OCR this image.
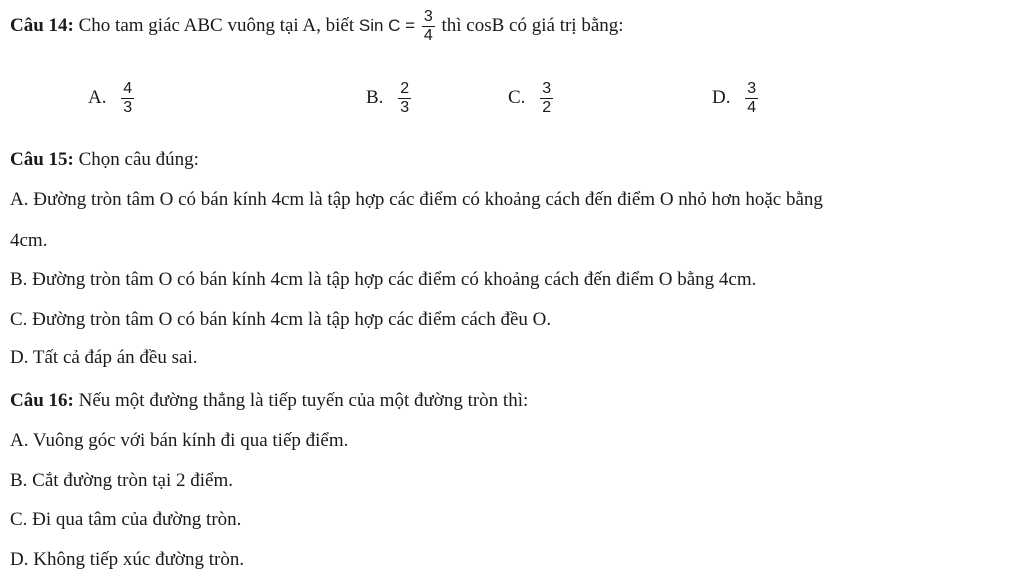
Câu 14: Cho tam giác ABC vuông tại A, biết Sin $C = \frac{3}{4}$ thì cosB có giá trị bằng:
A. $\frac{4}{3}$	B. $\frac{2}{3}$	C. $\frac{3}{2}$	D. $\frac{3}{4}$
Câu 15: Chọn câu đúng:
A. Đường tròn tâm O có bán kính 4cm là tập hợp các điểm có khoảng cách đến điểm O nhỏ hơn hoặc bằng
4cm.
B. Đường tròn tâm O có bán kính 4cm là tập hợp các điểm có khoảng cách đến điểm O bằng 4cm.
C. Đường tròn tâm O có bán kính 4cm là tập hợp các điểm cách đều O.
D. Tất cả đáp án đều sai.
Câu 16: Nếu một đường thẳng là tiếp tuyến của một đường tròn thì:
A. Vuông góc với bán kính đi qua tiếp điểm.
B. Cắt đường tròn tại 2 điểm.
C. Đi qua tâm của đường tròn.
D. Không tiếp xúc đường tròn.
